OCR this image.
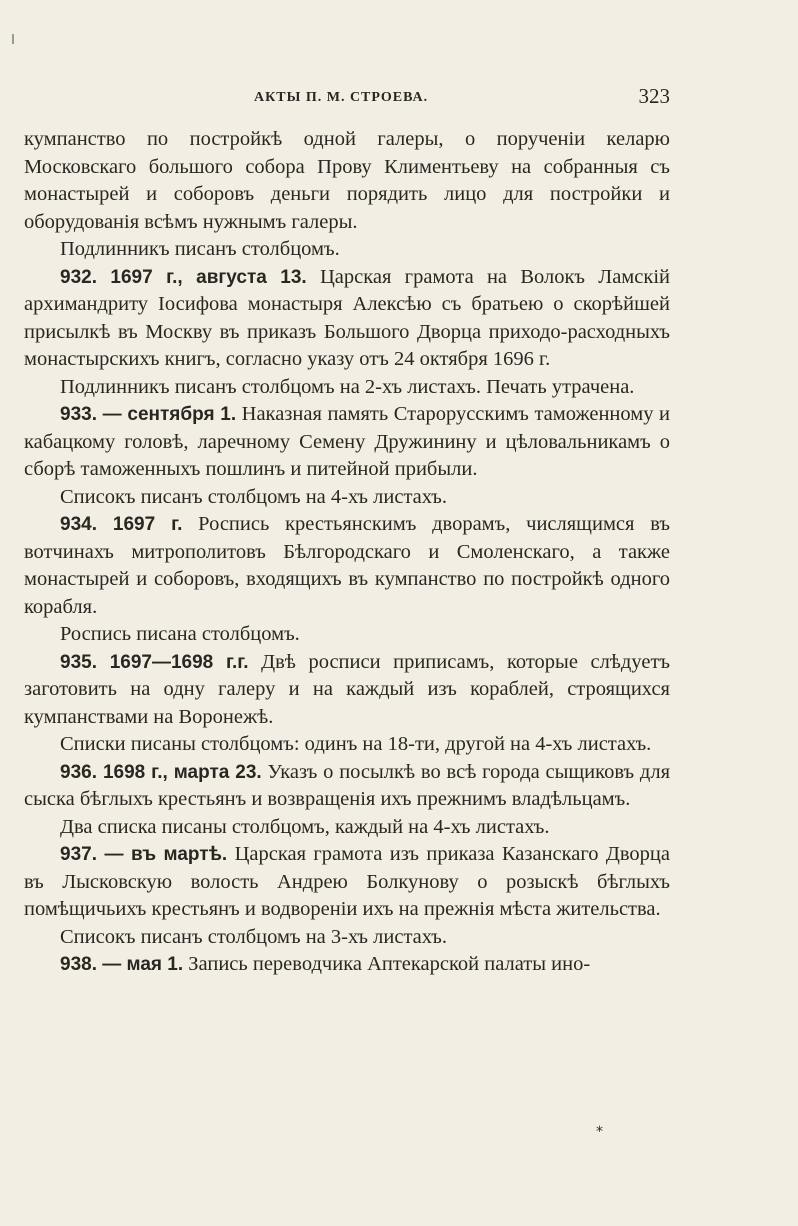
АКТЫ П. М. СТРОЕВА.	323

кумпанство по постройкѣ одной галеры, о порученіи келарю Московскаго большого собора Прову Климентьеву на собранныя съ монастырей и соборовъ деньги порядить лицо для постройки и оборудованія всѣмъ нужнымъ галеры.

Подлинникъ писанъ столбцомъ.

932. 1697 г., августа 13. Царская грамота на Волокъ Ламскій архимандриту Іосифова монастыря Алексѣю съ братьею о скорѣйшей присылкѣ въ Москву въ приказъ Большого Дворца приходо-расходныхъ монастырскихъ книгъ, согласно указу отъ 24 октября 1696 г.

Подлинникъ писанъ столбцомъ на 2-хъ листахъ. Печать утрачена.

933. — сентября 1. Наказная память Старорусскимъ таможенному и кабацкому головѣ, ларечному Семену Дружинину и цѣловальникамъ о сборѣ таможенныхъ пошлинъ и питейной прибыли.

Списокъ писанъ столбцомъ на 4-хъ листахъ.

934. 1697 г. Роспись крестьянскимъ дворамъ, числящимся въ вотчинахъ митрополитовъ Бѣлгородскаго и Смоленскаго, а также монастырей и соборовъ, входящихъ въ кумпанство по постройкѣ одного корабля.

Роспись писана столбцомъ.

935. 1697—1698 г.г. Двѣ росписи приписамъ, которые слѣдуетъ заготовить на одну галеру и на каждый изъ кораблей, строящихся кумпанствами на Воронежѣ.

Списки писаны столбцомъ: одинъ на 18-ти, другой на 4-хъ листахъ.

936. 1698 г., марта 23. Указъ о посылкѣ во всѣ города сыщиковъ для сыска бѣглыхъ крестьянъ и возвращенія ихъ прежнимъ владѣльцамъ.

Два списка писаны столбцомъ, каждый на 4-хъ листахъ.

937. — въ мартѣ. Царская грамота изъ приказа Казанскаго Дворца въ Лысковскую волость Андрею Болкунову о розыскѣ бѣглыхъ помѣщичьихъ крестьянъ и водвореніи ихъ на прежнія мѣста жительства.

Списокъ писанъ столбцомъ на 3-хъ листахъ.

938. — мая 1. Запись переводчика Аптекарской палаты ино-

*
